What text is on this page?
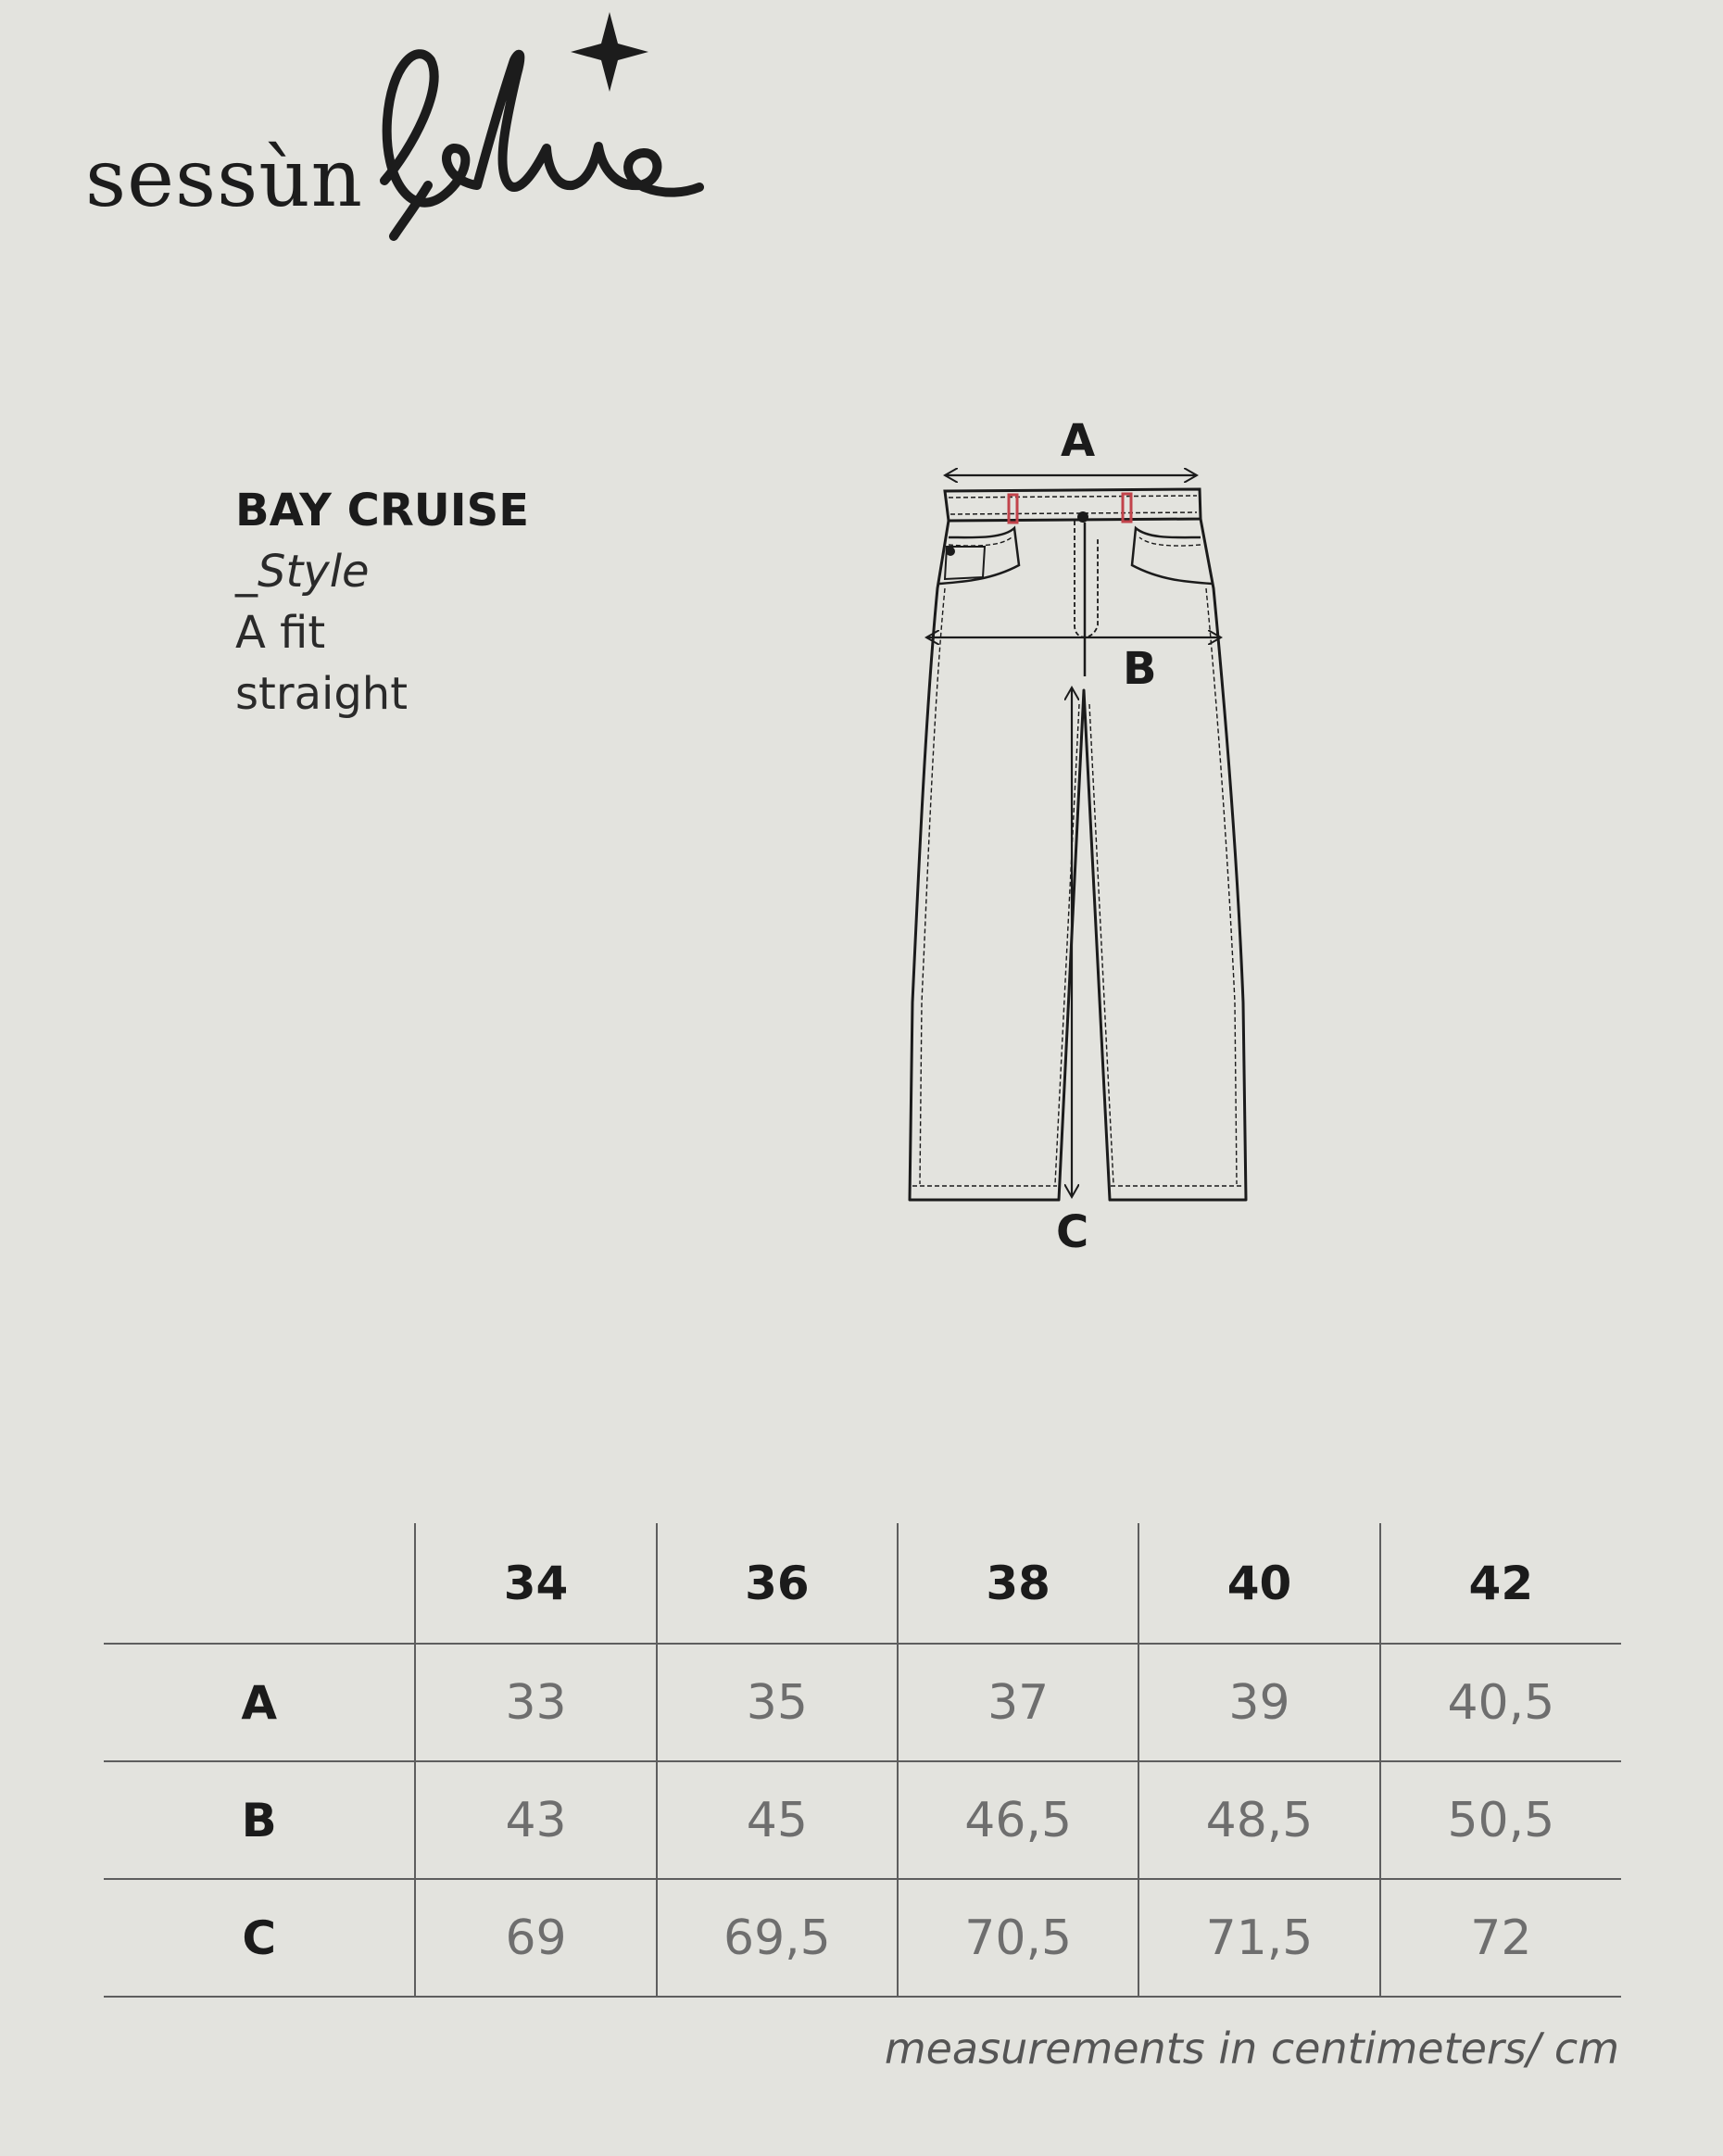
sessùn

BAY CRUISE

_Style

A fit

straight

A
B
C
	34	36	38	40	42
A	33	35	37	39	40,5
B	43	45	46,5	48,5	50,5
C	69	69,5	70,5	71,5	72
measurements in centimeters/ cm
